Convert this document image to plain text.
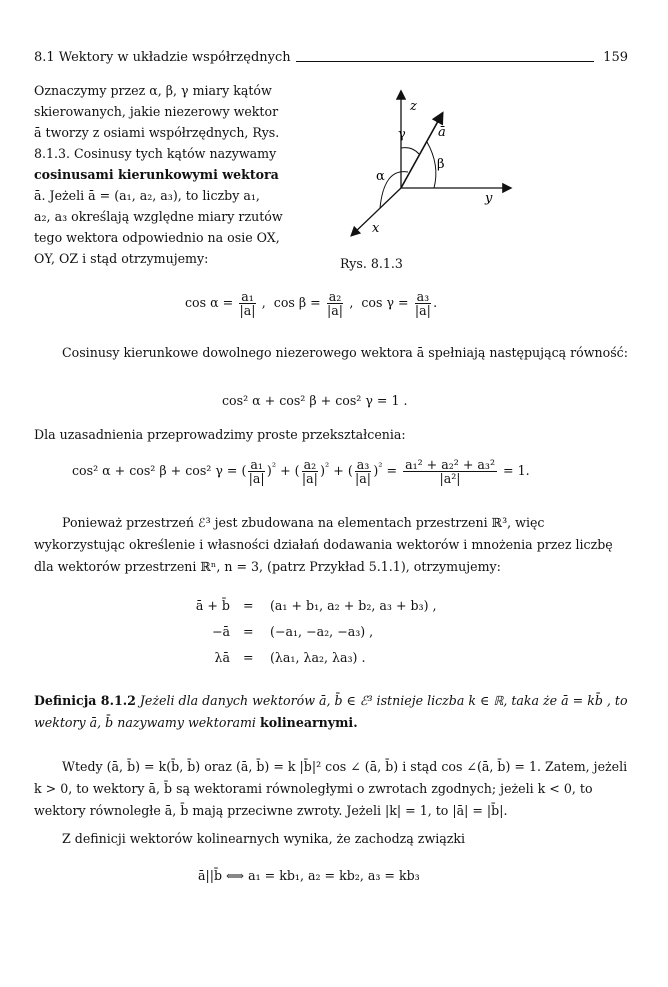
8.1 Wektory w układzie współrzędnych	159
Oznaczymy przez α, β, γ miary kątów
skierowanych, jakie niezerowy wektor
ā tworzy z osiami współrzędnych, Rys.
8.1.3. Cosinusy tych kątów nazywamy
cosinusami kierunkowymi wektora
ā. Jeżeli ā = (a₁, a₂, a₃), to liczby a₁,
a₂, a₃ określają względne miary rzutów
tego wektora odpowiednio na osie OX,
OY, OZ i stąd otrzymujemy:
z
γ ā
β
α
y
x
Rys. 8.1.3
$\cos \alpha = \frac{\text{a₁}}{|a|}$ , $\cos \beta = \frac{\text{a₂}}{|a|}$ , $\cos \gamma = \frac{\text{a₃}}{|a|}$ .
Cosinusy kierunkowe dowolnego niezerowego wektora ā spełniają następującą równość:
cos² α + cos² β + cos² γ = 1 .
Dla uzasadnienia przeprowadzimy proste przekształcenia:
cos² α + cos² β + cos² γ = ( $\frac{\text{a₁}}{|a|} )^{^2}$ + ( $\frac{\text{a₂}}{|a|} )^{^2}$ + ( $\frac{\text{a₃}}{|a|} )^{^2} = \frac{\text{a₁² + a₂² + a₃²}}{\text{|a²|}} = 1$.
Ponieważ przestrzeń ℰ³ jest zbudowana na elementach przestrzeni ℝ³, więc wykorzystując określenie i własności działań dodawania wektorów i mnożenia przez liczbę dla wektorów przestrzeni ℝⁿ, n = 3, (patrz Przykład 5.1.1), otrzymujemy:
ā + b̄ = (a₁ + b₁, a₂ + b₂, a₃ + b₃) ,
−ā = (−a₁, −a₂, −a₃) ,
λā = (λa₁, λa₂, λa₃) .
Definicja 8.1.2 Jeżeli dla danych wektorów ā, b̄ ∈ ℰ³ istnieje liczba k ∈ ℝ, taka że ā = kb̄ , to wektory ā, b̄ nazywamy wektorami kolinearnymi.
Wtedy (ā, b̄) = k(b̄, b̄) oraz (ā, b̄) = k |b̄|² cos ∠ (ā, b̄) i stąd cos ∠(ā, b̄) = 1. Zatem, jeżeli k > 0, to wektory ā, b̄ są wektorami równoległymi o zwrotach zgodnych; jeżeli k < 0, to wektory równoległe ā, b̄ mają przeciwne zwroty. Jeżeli |k| = 1, to |ā| = |b̄|.
Z definicji wektorów kolinearnych wynika, że zachodzą związki
ā||b̄ ⟺ a₁ = kb₁, a₂ = kb₂, a₃ = kb₃
